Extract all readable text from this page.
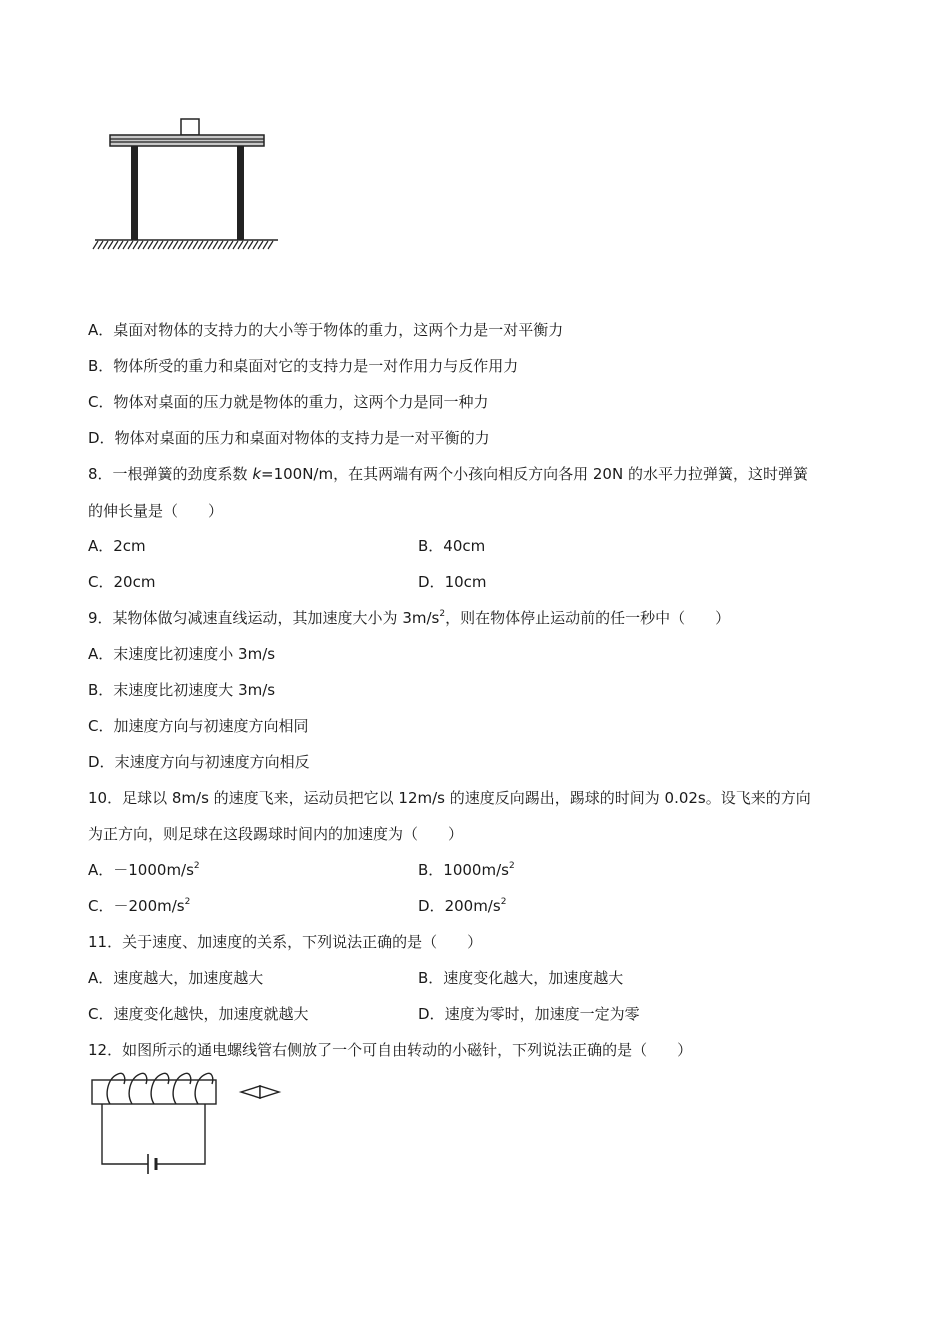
A．桌面对物体的支持力的大小等于物体的重力，这两个力是一对平衡力
B．物体所受的重力和桌面对它的支持力是一对作用力与反作用力
C．物体对桌面的压力就是物体的重力，这两个力是同一种力
D．物体对桌面的压力和桌面对物体的支持力是一对平衡的力
8．一根弹簧的劲度系数 k=100N/m，在其两端有两个小孩向相反方向各用 20N 的水平力拉弹簧，这时弹簧
的伸长量是（　　）
A．2cm	B．40cm
C．20cm	D．10cm
9．某物体做匀减速直线运动，其加速度大小为 $3m/s^2$，则在物体停止运动前的任一秒中（　　）
A．末速度比初速度小 3m/s
B．末速度比初速度大 3m/s
C．加速度方向与初速度方向相同
D．末速度方向与初速度方向相反
10．足球以 8m/s 的速度飞来，运动员把它以 12m/s 的速度反向踢出，踢球的时间为 0.02s。设飞来的方向
为正方向，则足球在这段踢球时间内的加速度为（　　）
A．$-1000m/s^2$	B．$1000m/s^2$
C．$-200m/s^2$	D．$200m/s^2$
11．关于速度、加速度的关系，下列说法正确的是（　　）
A．速度越大，加速度越大	B．速度变化越大，加速度越大
C．速度变化越快，加速度就越大	D．速度为零时，加速度一定为零
12．如图所示的通电螺线管右侧放了一个可自由转动的小磁针，下列说法正确的是（　　）
